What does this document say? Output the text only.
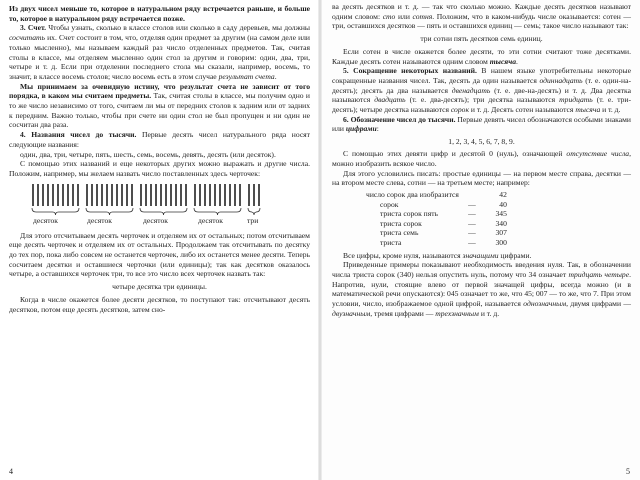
Из двух чисел меньше то, которое в натуральном ряду встречается раньше, и больше то, которое в натуральном ряду встречается позже.

3. Счет. Чтобы узнать, сколько в классе столов или сколько в саду деревьев, мы должны сосчитать их. Счет состоит в том, что, отделяя один предмет за другим (на самом деле или только мысленно), мы называем каждый раз число отделенных предметов. Так, считая столы в классе, мы отделяем мысленно один стол за другим и говорим: один, два, три, четыре и т. д. Если при отделении последнего стола мы сказали, например, восемь, то значит, в классе восемь столов; число восемь есть в этом случае результат счета.

Мы принимаем за очевидную истину, что результат счета не зависит от того порядка, в каком мы считаем предметы. Так, считая столы в классе, мы получим одно и то же число независимо от того, считаем ли мы от передних столов к задним или от задних к передним. Важно только, чтобы при счете ни один стол не был пропущен и ни один не сосчитан два раза.

4. Названия чисел до тысячи. Первые десять чисел натурального ряда носят следующие названия:

один, два, три, четыре, пять, шесть, семь, восемь, девять, десять (или десяток).

С помощью этих названий и еще некоторых других можно выражать и другие числа. Положим, например, мы желаем назвать число поставленных здесь черточек:

десяток	десяток	десяток	десяток	три

Для этого отсчитываем десять черточек и отделяем их от остальных; потом отсчитываем еще десять черточек и отделяем их от остальных. Продолжаем так отсчитывать по десятку до тех пор, пока либо совсем не останется черточек, либо их останется менее десяти. Теперь сосчитаем десятки и оставшиеся черточки (или единицы); так как десятков оказалось четыре, а оставшихся черточек три, то все это число всех черточек назвать так:

четыре десятка три единицы.

Когда в числе окажется более десяти десятков, то поступают так: отсчитывают десять десятков, потом еще десять десятков, затем сно-

4

ва десять десятков и т. д. — так что сколько можно. Каждые десять десятков называют одним словом: сто или сотня. Положим, что в каком-нибудь числе оказывается: сотен — три, оставшихся десятков — пять и оставшихся единиц — семь; такое число называют так:

три сотни пять десятков семь единиц.

Если сотен в числе окажется более десяти, то эти сотни считают тоже десятками. Каждые десять сотен называются одним словом тысяча.

5. Сокращение некоторых названий. В нашем языке употребительны некоторые сокращенные названия чисел. Так, десять да один называется одиннадцать (т. е. один-на-десять); десять да два называется двенадцать (т. е. две-на-десять) и т. д. Два десятка называются двадцать (т. е. два-десять); три десятка называются тридцать (т. е. три-десять); четыре десятка называются сорок и т. д. Десять сотен называются тысяча и т. д.

6. Обозначение чисел до тысячи. Первые девять чисел обозначаются особыми знаками или цифрами:

1, 2, 3, 4, 5, 6, 7, 8, 9.

С помощью этих девяти цифр и десятой 0 (нуль), означающей отсутствие числа, можно изобразить всякое число.

Для этого условились писать: простые единицы — на первом месте справа, десятки — на втором месте слева, сотни — на третьем месте; например:

число сорок два изобразится		42
сорок	—	40
триста сорок пять	—	345
триста сорок	—	340
триста семь	—	307
триста	—	300

Все цифры, кроме нуля, называются значащими цифрами.

Приведенные примеры показывают необходимость введения нуля. Так, в обозначении числа триста сорок (340) нельзя опустить нуль, потому что 34 означает тридцать четыре. Напротив, нули, стоящие влево от первой значащей цифры, всегда можно (и в математической речи опускаются): 045 означает то же, что 45; 007 — то же, что 7. При этом условии, число, изображаемое одной цифрой, называется однозначным, двумя цифрами — двузначным, тремя цифрами — трехзначным и т. д.

5
